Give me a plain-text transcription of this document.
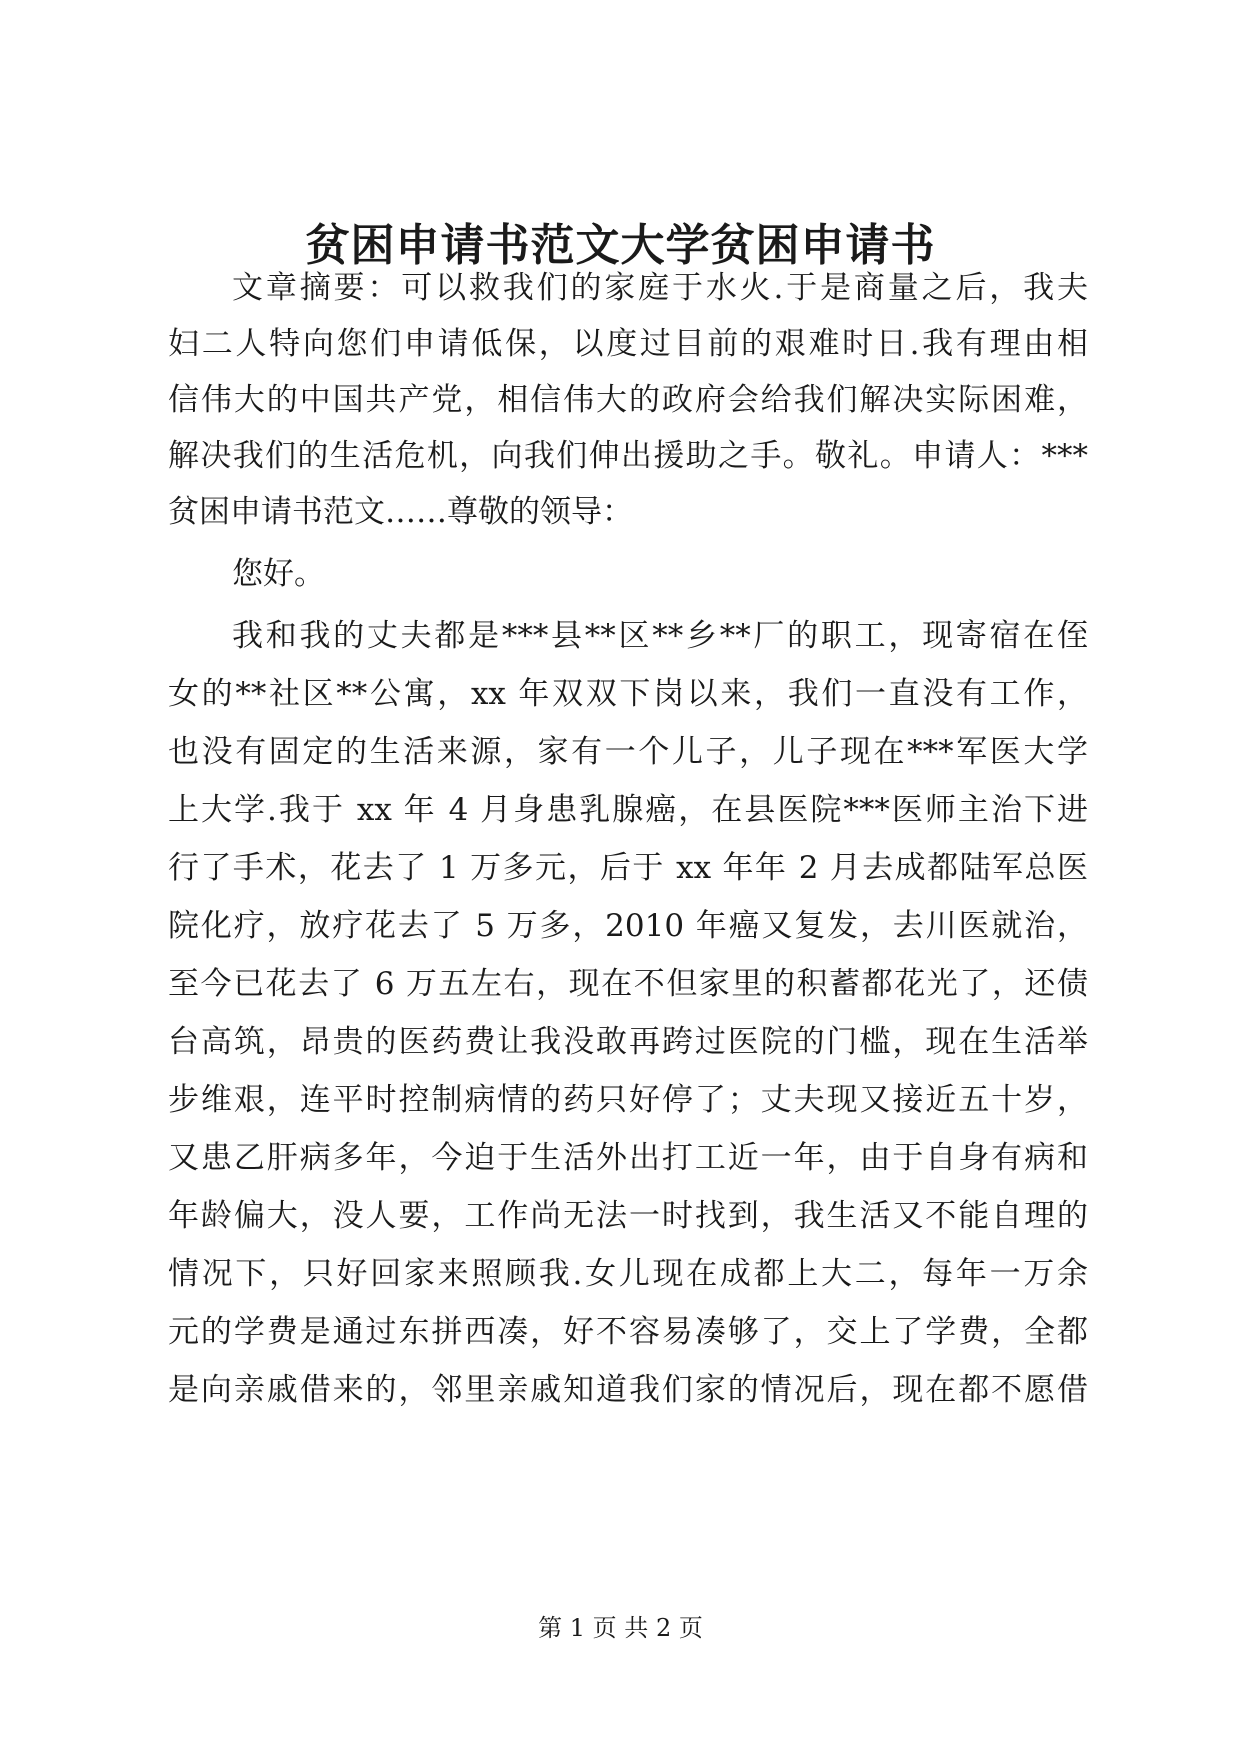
贫困申请书范文大学贫困申请书
文章摘要：可以救我们的家庭于水火.于是商量之后，我夫
妇二人特向您们申请低保，以度过目前的艰难时日.我有理由相
信伟大的中国共产党，相信伟大的政府会给我们解决实际困难，
解决我们的生活危机，向我们伸出援助之手。敬礼。申请人：***
贫困申请书范文……尊敬的领导：
您好。
我和我的丈夫都是***县**区**乡**厂的职工，现寄宿在侄
女的**社区**公寓，xx 年双双下岗以来，我们一直没有工作，
也没有固定的生活来源，家有一个儿子，儿子现在***军医大学
上大学.我于 xx 年 4 月身患乳腺癌，在县医院***医师主治下进
行了手术，花去了 1 万多元，后于 xx 年年 2 月去成都陆军总医
院化疗，放疗花去了 5 万多，2010 年癌又复发，去川医就治，
至今已花去了 6 万五左右，现在不但家里的积蓄都花光了，还债
台高筑，昂贵的医药费让我没敢再跨过医院的门槛，现在生活举
步维艰，连平时控制病情的药只好停了；丈夫现又接近五十岁，
又患乙肝病多年，今迫于生活外出打工近一年，由于自身有病和
年龄偏大，没人要，工作尚无法一时找到，我生活又不能自理的
情况下，只好回家来照顾我.女儿现在成都上大二，每年一万余
元的学费是通过东拼西凑，好不容易凑够了，交上了学费，全都
是向亲戚借来的，邻里亲戚知道我们家的情况后，现在都不愿借
第 1 页 共 2 页
